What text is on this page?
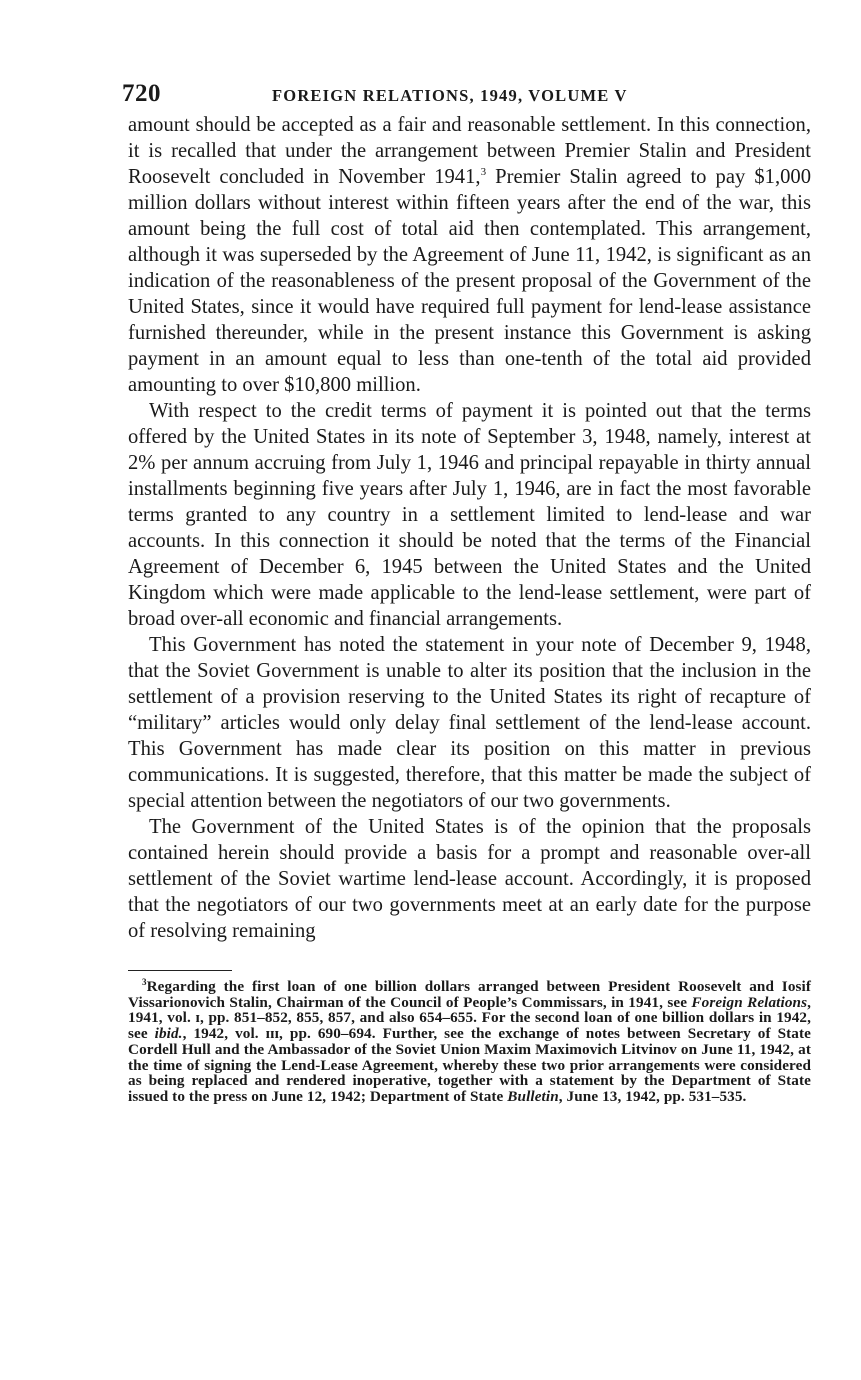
720	FOREIGN RELATIONS, 1949, VOLUME V

amount should be accepted as a fair and reasonable settlement. In this connection, it is recalled that under the arrangement between Premier Stalin and President Roosevelt concluded in November 1941,$^3$ Premier Stalin agreed to pay $1,000 million dollars without interest within fifteen years after the end of the war, this amount being the full cost of total aid then contemplated. This arrangement, although it was superseded by the Agreement of June 11, 1942, is significant as an indication of the reasonableness of the present proposal of the Government of the United States, since it would have required full payment for lend-lease assistance furnished thereunder, while in the present instance this Government is asking payment in an amount equal to less than one-tenth of the total aid provided amounting to over $10,800 million.

With respect to the credit terms of payment it is pointed out that the terms offered by the United States in its note of September 3, 1948, namely, interest at 2% per annum accruing from July 1, 1946 and principal repayable in thirty annual installments beginning five years after July 1, 1946, are in fact the most favorable terms granted to any country in a settlement limited to lend-lease and war accounts. In this connection it should be noted that the terms of the Financial Agreement of December 6, 1945 between the United States and the United Kingdom which were made applicable to the lend-lease settlement, were part of broad over-all economic and financial arrangements.

This Government has noted the statement in your note of December 9, 1948, that the Soviet Government is unable to alter its position that the inclusion in the settlement of a provision reserving to the United States its right of recapture of “military” articles would only delay final settlement of the lend-lease account. This Government has made clear its position on this matter in previous communications. It is suggested, therefore, that this matter be made the subject of special attention between the negotiators of our two governments.

The Government of the United States is of the opinion that the proposals contained herein should provide a basis for a prompt and reasonable over-all settlement of the Soviet wartime lend-lease account. Accordingly, it is proposed that the negotiators of our two governments meet at an early date for the purpose of resolving remaining

$^3$Regarding the first loan of one billion dollars arranged between President Roosevelt and Iosif Vissarionovich Stalin, Chairman of the Council of People’s Commissars, in 1941, see Foreign Relations, 1941, vol. ɪ, pp. 851–852, 855, 857, and also 654–655. For the second loan of one billion dollars in 1942, see ibid., 1942, vol. ɪɪɪ, pp. 690–694. Further, see the exchange of notes between Secretary of State Cordell Hull and the Ambassador of the Soviet Union Maxim Maximovich Litvinov on June 11, 1942, at the time of signing the Lend-Lease Agreement, whereby these two prior arrangements were considered as being replaced and rendered inoperative, together with a statement by the Department of State issued to the press on June 12, 1942; Department of State Bulletin, June 13, 1942, pp. 531–535.
